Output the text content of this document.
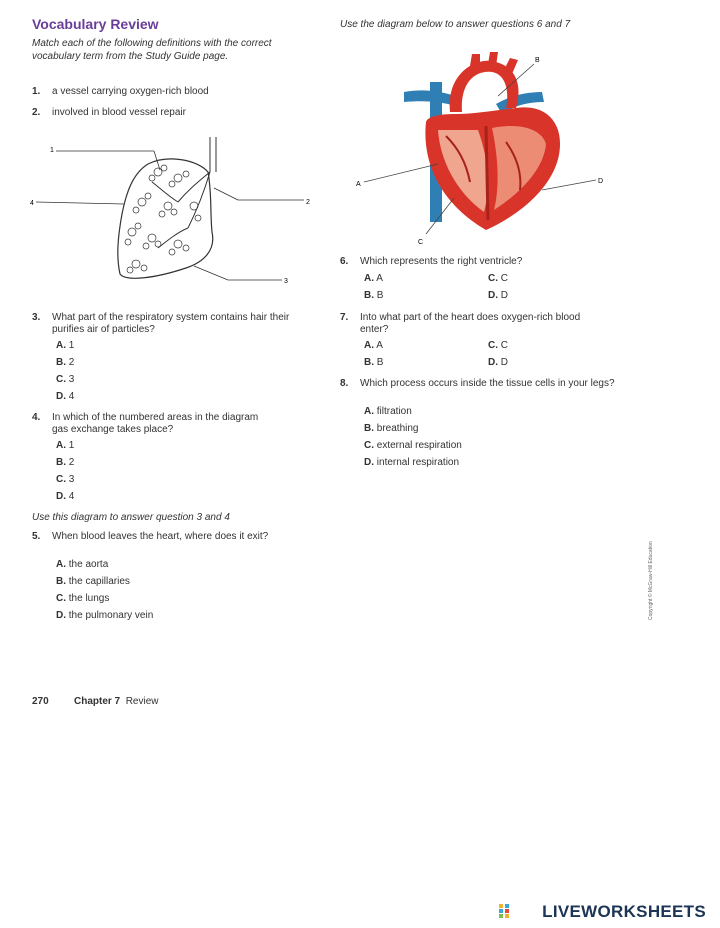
Vocabulary Review
Match each of the following definitions with the correct vocabulary term from the Study Guide page.
1. a vessel carrying oxygen-rich blood
2. involved in blood vessel repair
1
2
3
4
3. What part of the respiratory system contains hair their purifies air of particles?
A. 1
B. 2
C. 3
D. 4
4. In which of the numbered areas in the diagram gas exchange takes place?
A. 1
B. 2
C. 3
D. 4
Use this diagram to answer question 3 and 4
5. When blood leaves the heart, where does it exit?
A. the aorta
B. the capillaries
C. the lungs
D. the pulmonary vein
270	Chapter 7 Review
Use the diagram below to answer questions 6 and 7
A
B
C
D
6. Which represents the right ventricle?
A. A	C. C
B. B	D. D
7. Into what part of the heart does oxygen-rich blood enter?
A. A	C. C
B. B	D. D
8. Which process occurs inside the tissue cells in your legs?
A. filtration
B. breathing
C. external respiration
D. internal respiration
Copyright © McGraw-Hill Education
LIVEWORKSHEETS
